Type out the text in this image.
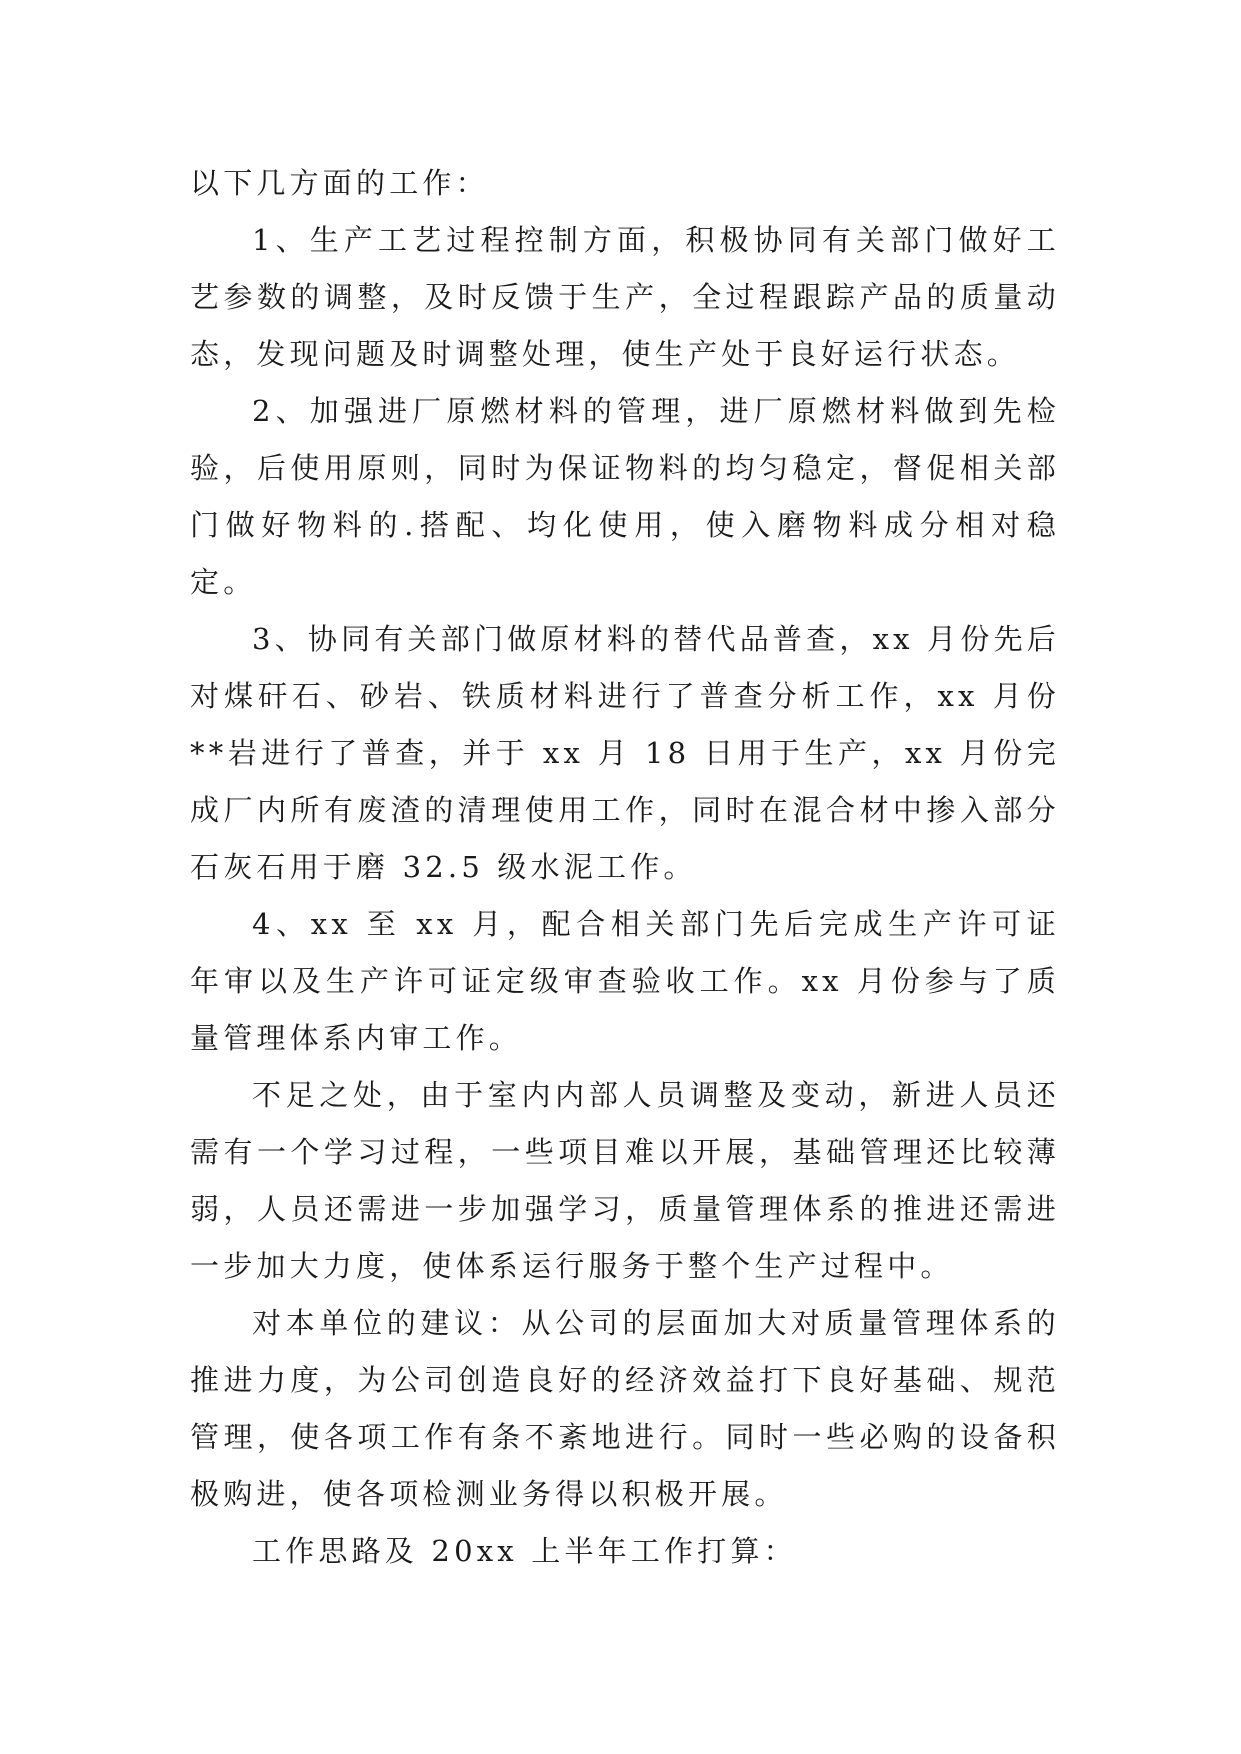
以下几方面的工作：

1、生产工艺过程控制方面，积极协同有关部门做好工艺参数的调整，及时反馈于生产，全过程跟踪产品的质量动态，发现问题及时调整处理，使生产处于良好运行状态。

2、加强进厂原燃材料的管理，进厂原燃材料做到先检验，后使用原则，同时为保证物料的均匀稳定，督促相关部门做好物料的.搭配、均化使用，使入磨物料成分相对稳定。

3、协同有关部门做原材料的替代品普查，xx 月份先后对煤矸石、砂岩、铁质材料进行了普查分析工作，xx 月份**岩进行了普查，并于 xx 月 18 日用于生产，xx 月份完成厂内所有废渣的清理使用工作，同时在混合材中掺入部分石灰石用于磨 32.5 级水泥工作。

4、xx 至 xx 月，配合相关部门先后完成生产许可证年审以及生产许可证定级审查验收工作。xx 月份参与了质量管理体系内审工作。

不足之处，由于室内内部人员调整及变动，新进人员还需有一个学习过程，一些项目难以开展，基础管理还比较薄弱，人员还需进一步加强学习，质量管理体系的推进还需进一步加大力度，使体系运行服务于整个生产过程中。

对本单位的建议：从公司的层面加大对质量管理体系的推进力度，为公司创造良好的经济效益打下良好基础、规范管理，使各项工作有条不紊地进行。同时一些必购的设备积极购进，使各项检测业务得以积极开展。

工作思路及 20xx 上半年工作打算：
